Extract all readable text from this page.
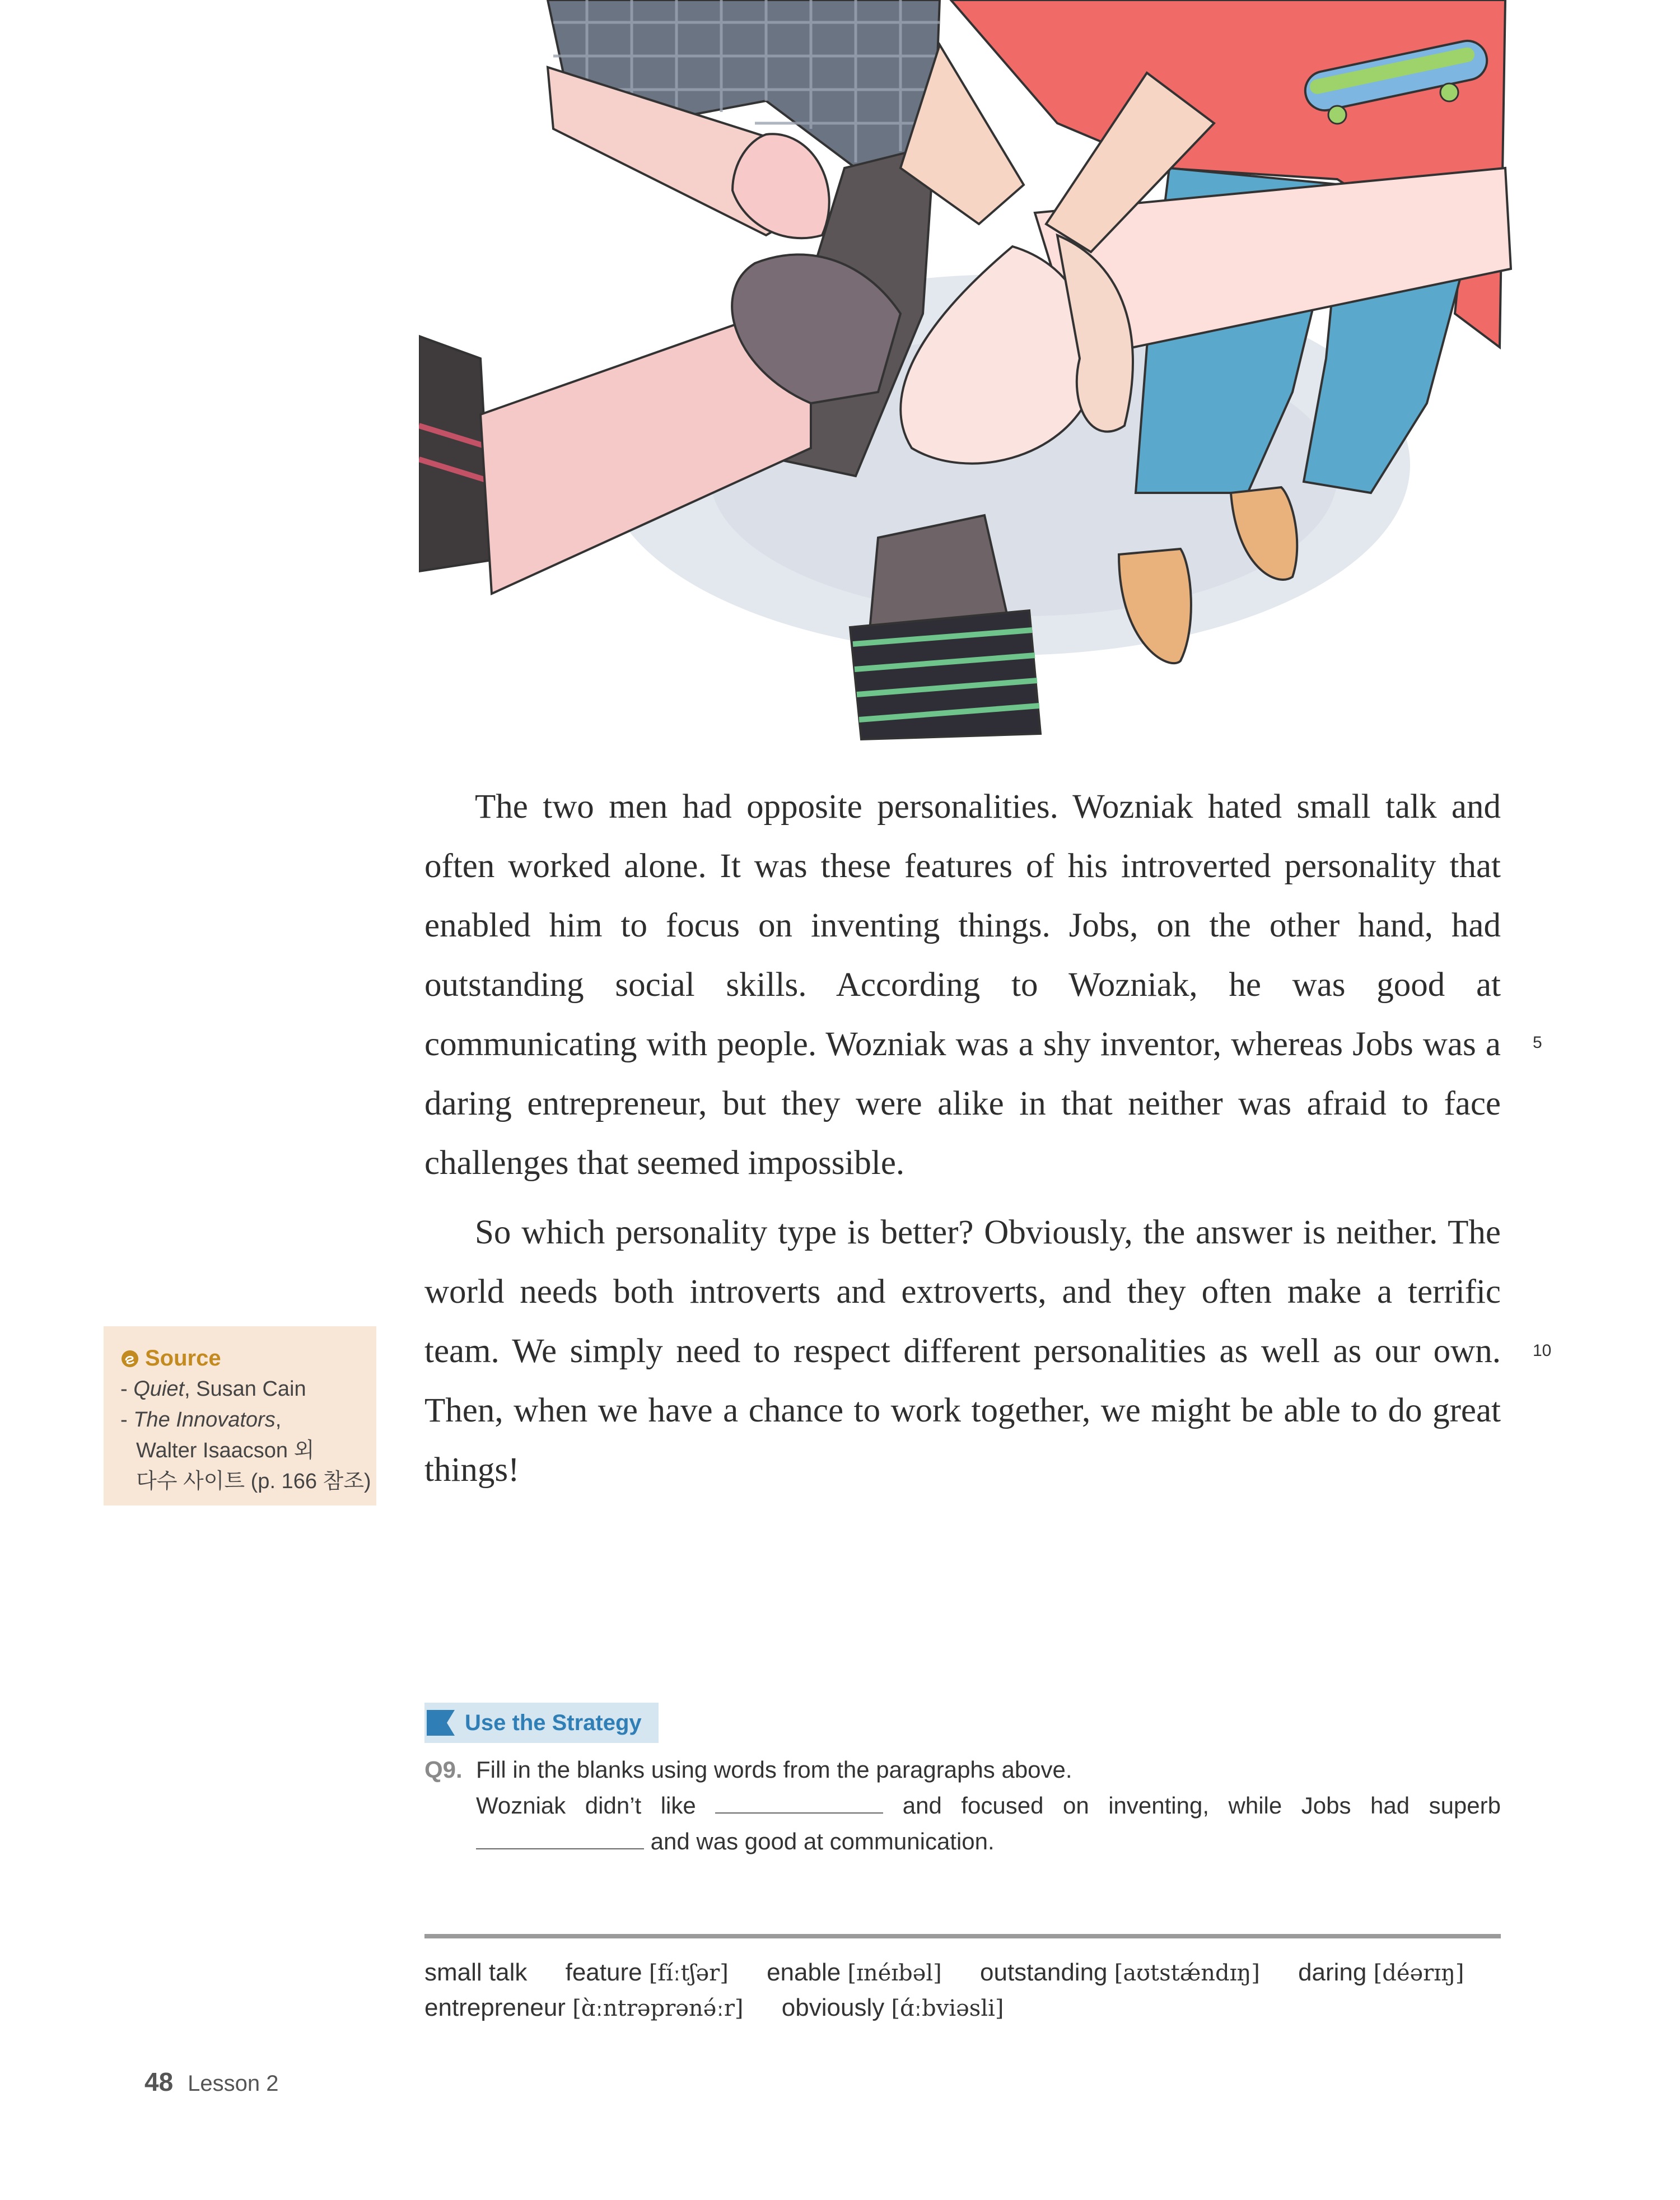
The two men had opposite personalities. Wozniak hated small talk and often worked alone. It was these features of his introverted personality that enabled him to focus on inventing things. Jobs, on the other hand, had outstanding social skills. According to Wozniak, he was good at communicating with people. Wozniak was a shy inventor, whereas Jobs was a daring entrepreneur, but they were alike in that neither was afraid to face challenges that seemed impossible.

5

So which personality type is better? Obviously, the answer is neither. The world needs both introverts and extroverts, and they often make a terrific team. We simply need to respect different personalities as well as our own. Then, when we have a chance to work together, we might be able to do great things!

10
Source
- Quiet, Susan Cain
- The Innovators,
Walter Isaacson 외
다수 사이트 (p. 166 참조)
Use the Strategy
Q9. Fill in the blanks using words from the paragraphs above.
Wozniak didn’t like	and focused on inventing, while Jobs had superb
and was good at communication.
small talk feature [fíːtʃər] enable [ɪnéɪbəl] outstanding [aʊtstǽndɪŋ] daring [déərɪŋ]
entrepreneur [ɑ̀ːntrəprənə́ːr] obviously [ɑ́ːbviəsli]
48 Lesson 2
